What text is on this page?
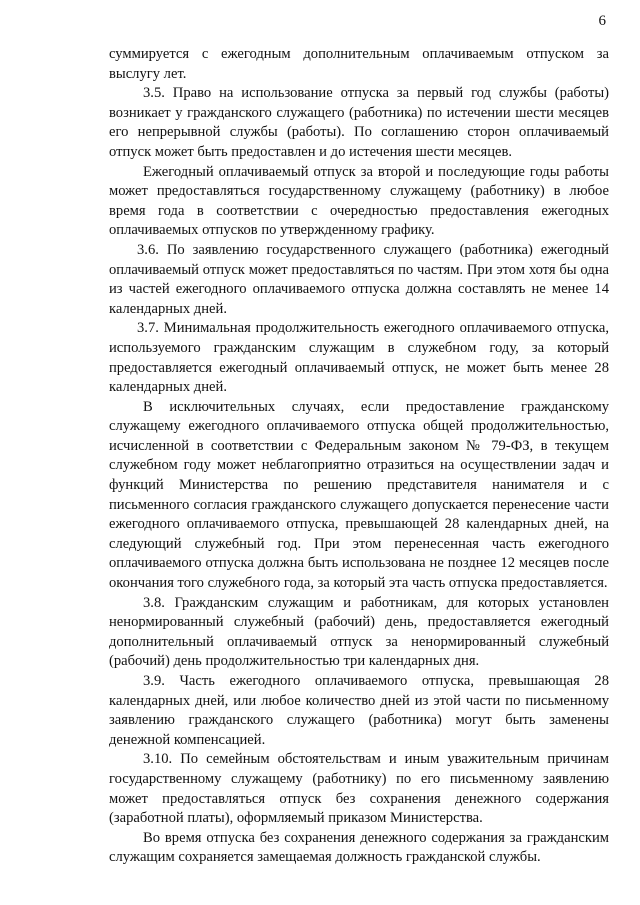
6

суммируется с ежегодным дополнительным оплачиваемым отпуском за выслугу лет.

3.5. Право на использование отпуска за первый год службы (работы) возникает у гражданского служащего (работника) по истечении шести месяцев его непрерывной службы (работы). По соглашению сторон оплачиваемый отпуск может быть предоставлен и до истечения шести месяцев.

Ежегодный оплачиваемый отпуск за второй и последующие годы работы может предоставляться государственному служащему (работнику) в любое время года в соответствии с очередностью предоставления ежегодных оплачиваемых отпусков по утвержденному графику.

3.6. По заявлению государственного служащего (работника) ежегодный оплачиваемый отпуск может предоставляться по частям. При этом хотя бы одна из частей ежегодного оплачиваемого отпуска должна составлять не менее 14 календарных дней.

3.7. Минимальная продолжительность ежегодного оплачиваемого отпуска, используемого гражданским служащим в служебном году, за который предоставляется ежегодный оплачиваемый отпуск, не может быть менее 28 календарных дней.

В исключительных случаях, если предоставление гражданскому служащему ежегодного оплачиваемого отпуска общей продолжительностью, исчисленной в соответствии с Федеральным законом № 79-ФЗ, в текущем служебном году может неблагоприятно отразиться на осуществлении задач и функций Министерства по решению представителя нанимателя и с письменного согласия гражданского служащего допускается перенесение части ежегодного оплачиваемого отпуска, превышающей 28 календарных дней, на следующий служебный год. При этом перенесенная часть ежегодного оплачиваемого отпуска должна быть использована не позднее 12 месяцев после окончания того служебного года, за который эта часть отпуска предоставляется.

3.8. Гражданским служащим и работникам, для которых установлен ненормированный служебный (рабочий) день, предоставляется ежегодный дополнительный оплачиваемый отпуск за ненормированный служебный (рабочий) день продолжительностью три календарных дня.

3.9. Часть ежегодного оплачиваемого отпуска, превышающая 28 календарных дней, или любое количество дней из этой части по письменному заявлению гражданского служащего (работника) могут быть заменены денежной компенсацией.

3.10. По семейным обстоятельствам и иным уважительным причинам государственному служащему (работнику) по его письменному заявлению может предоставляться отпуск без сохранения денежного содержания (заработной платы), оформляемый приказом Министерства.

Во время отпуска без сохранения денежного содержания за гражданским служащим сохраняется замещаемая должность гражданской службы.
